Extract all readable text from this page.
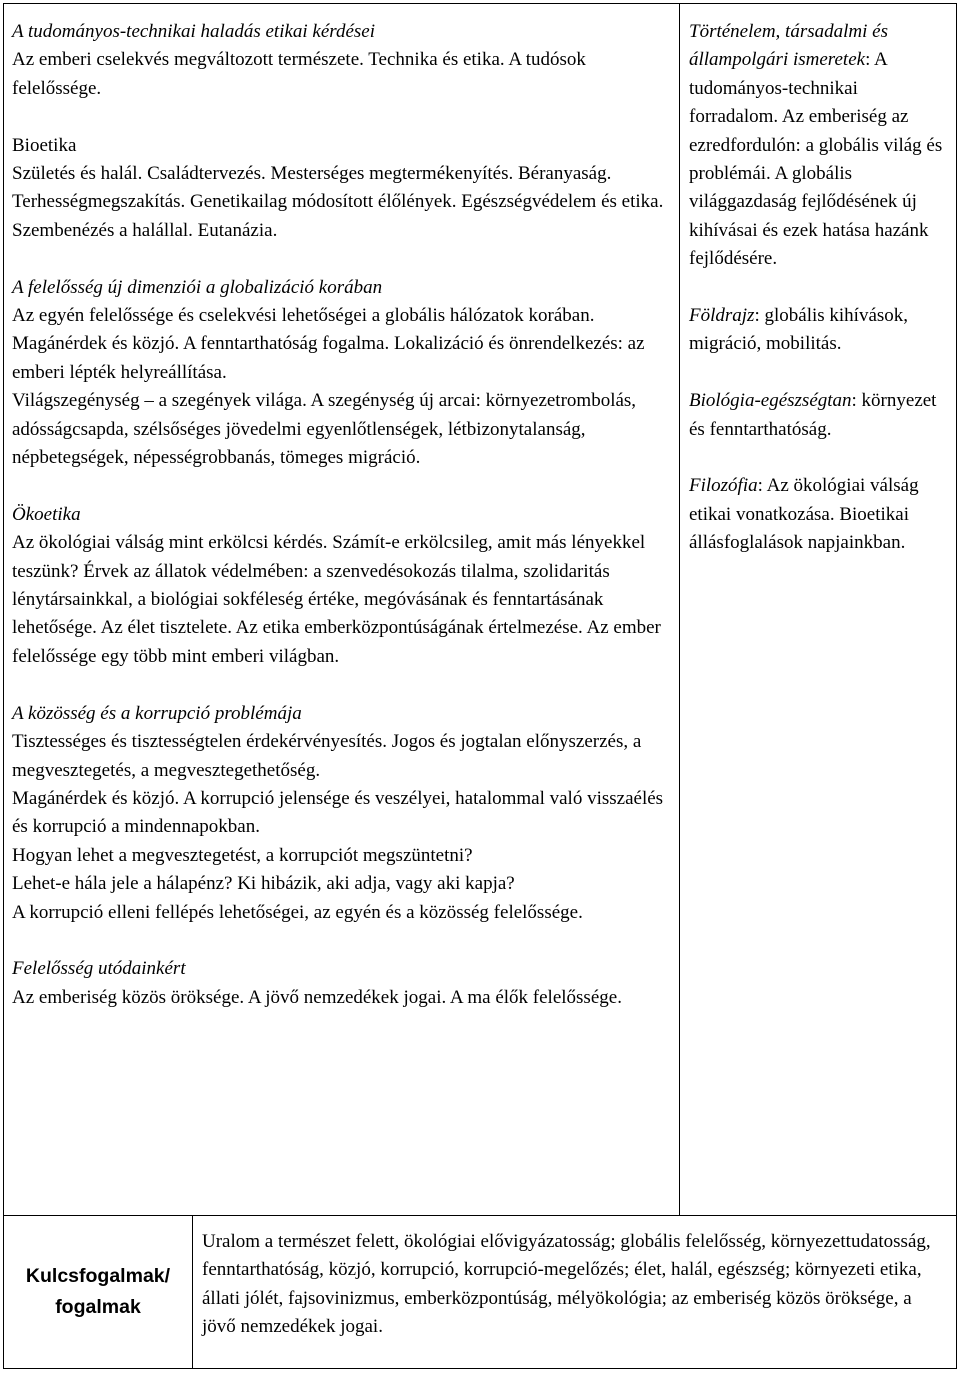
A tudományos-technikai haladás etikai kérdései
Az emberi cselekvés megváltozott természete. Technika és etika. A tudósok felelőssége.
Bioetika
Születés és halál. Családtervezés. Mesterséges megtermékenyítés. Béranyaság. Terhességmegszakítás. Genetikailag módosított élőlények. Egészségvédelem és etika. Szembenézés a halállal. Eutanázia.
A felelősség új dimenziói a globalizáció korában
Az egyén felelőssége és cselekvési lehetőségei a globális hálózatok korában.
Magánérdek és közjó. A fenntarthatóság fogalma. Lokalizáció és önrendelkezés: az emberi lépték helyreállítása.
Világszegénység – a szegények világa. A szegénység új arcai: környezetrombolás, adósságcsapda, szélsőséges jövedelmi egyenlőtlenségek, létbizonytalanság, népbetegségek, népességrobbanás, tömeges migráció.
Ökoetika
Az ökológiai válság mint erkölcsi kérdés. Számít-e erkölcsileg, amit más lényekkel teszünk? Érvek az állatok védelmében: a szenvedésokozás tilalma, szolidaritás lénytársainkkal, a biológiai sokféleség értéke, megóvásának és fenntartásának lehetősége. Az élet tisztelete. Az etika emberközpontúságának értelmezése. Az ember felelőssége egy több mint emberi világban.
A közösség és a korrupció problémája
Tisztességes és tisztességtelen érdekérvényesítés. Jogos és jogtalan előnyszerzés, a megvesztegetés, a megvesztegethetőség.
Magánérdek és közjó. A korrupció jelensége és veszélyei, hatalommal való visszaélés és korrupció a mindennapokban.
Hogyan lehet a megvesztegetést, a korrupciót megszüntetni?
Lehet-e hála jele a hálapénz? Ki hibázik, aki adja, vagy aki kapja?
A korrupció elleni fellépés lehetőségei, az egyén és a közösség felelőssége.
Felelősség utódainkért
Az emberiség közös öröksége. A jövő nemzedékek jogai. A ma élők felelőssége.
Történelem, társadalmi és állampolgári ismeretek: A tudományos-technikai forradalom. Az emberiség az ezredfordulón: a globális világ és problémái. A globális világgazdaság fejlődésének új kihívásai és ezek hatása hazánk fejlődésére.
Földrajz: globális kihívások, migráció, mobilitás.
Biológia-egészségtan: környezet és fenntarthatóság.
Filozófia: Az ökológiai válság etikai vonatkozása. Bioetikai állásfoglalások napjainkban.
Kulcsfogalmak/ fogalmak
Uralom a természet felett, ökológiai elővigyázatosság; globális felelősség, környezettudatosság, fenntarthatóság, közjó, korrupció, korrupció-megelőzés; élet, halál, egészség; környezeti etika, állati jólét, fajsovinizmus, emberközpontúság, mélyökológia; az emberiség közös öröksége, a jövő nemzedékek jogai.
